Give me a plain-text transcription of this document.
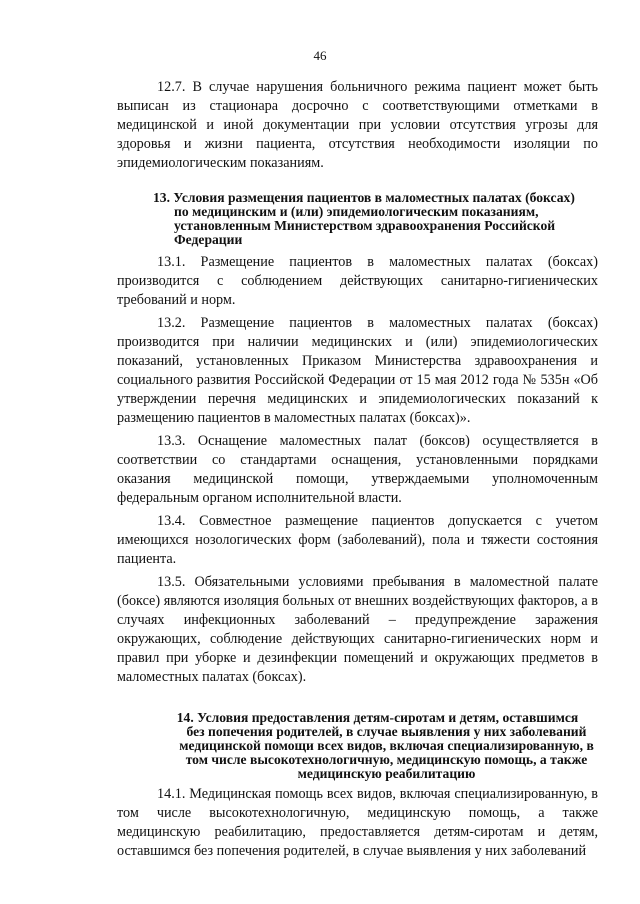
46

12.7. В случае нарушения больничного режима пациент может быть выписан из стационара досрочно с соответствующими отметками в медицинской и иной документации при условии отсутствия угрозы для здоровья и жизни пациента, отсутствия необходимости изоляции по эпидемиологическим показаниям.

13. Условия размещения пациентов в маломестных палатах (боксах)
по медицинским и (или) эпидемиологическим показаниям, установленным Министерством здравоохранения Российской Федерации

13.1. Размещение пациентов в маломестных палатах (боксах) производится с соблюдением действующих санитарно-гигиенических требований и норм.

13.2. Размещение пациентов в маломестных палатах (боксах) производится при наличии медицинских и (или) эпидемиологических показаний, установленных Приказом Министерства здравоохранения и социального развития Российской Федерации от 15 мая 2012 года № 535н «Об утверждении перечня медицинских и эпидемиологических показаний к размещению пациентов в маломестных палатах (боксах)».

13.3. Оснащение маломестных палат (боксов) осуществляется в соответствии со стандартами оснащения, установленными порядками оказания медицинской помощи, утверждаемыми уполномоченным федеральным органом исполнительной власти.

13.4. Совместное размещение пациентов допускается с учетом имеющихся нозологических форм (заболеваний), пола и тяжести состояния пациента.

13.5. Обязательными условиями пребывания в маломестной палате (боксе) являются изоляция больных от внешних воздействующих факторов, а в случаях инфекционных заболеваний – предупреждение заражения окружающих, соблюдение действующих санитарно-гигиенических норм и правил при уборке и дезинфекции помещений и окружающих предметов в маломестных палатах (боксах).

14. Условия предоставления детям-сиротам и детям, оставшимся
без попечения родителей, в случае выявления у них заболеваний медицинской помощи всех видов, включая специализированную, в том числе высокотехнологичную, медицинскую помощь, а также медицинскую реабилитацию

14.1. Медицинская помощь всех видов, включая специализированную, в том числе высокотехнологичную, медицинскую помощь, а также медицинскую реабилитацию, предоставляется детям-сиротам и детям, оставшимся без попечения родителей, в случае выявления у них заболеваний
